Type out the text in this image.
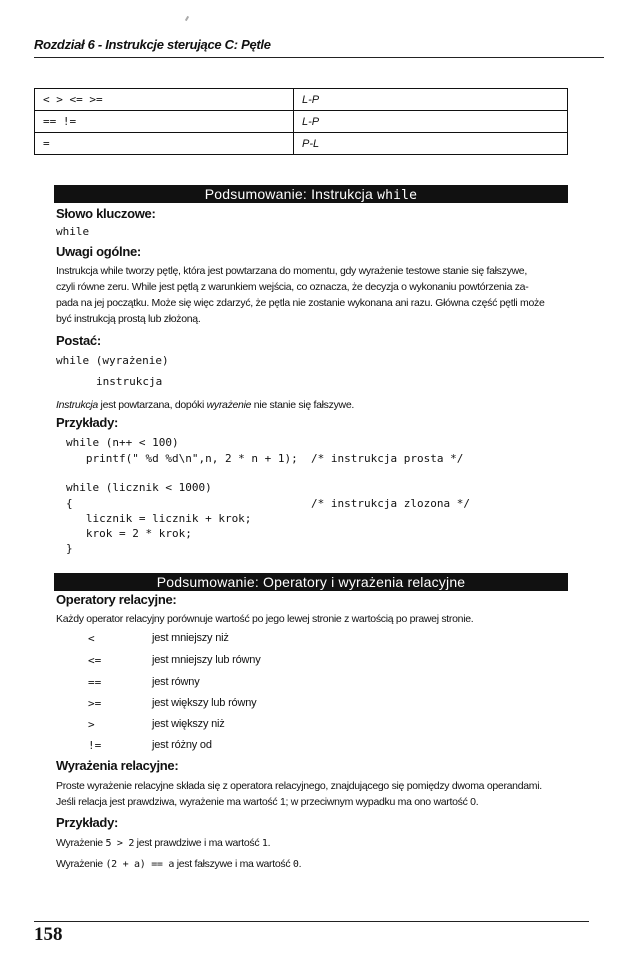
Rozdział 6 - Instrukcje sterujące C: Pętle
< > <= >=	L-P
== !=	L-P
=	P-L
Podsumowanie: Instrukcja while
Słowo kluczowe:
while
Uwagi ogólne:
Instrukcja while tworzy pętlę, która jest powtarzana do momentu, gdy wyrażenie testowe stanie się fałszywe,
czyli równe zeru. While jest pętlą z warunkiem wejścia, co oznacza, że decyzja o wykonaniu powtórzenia za-
pada na jej początku. Może się więc zdarzyć, że pętla nie zostanie wykonana ani razu. Główna część pętli może
być instrukcją prostą lub złożoną.
Postać:
while (wyrażenie)
instrukcja
Instrukcja jest powtarzana, dopóki wyrażenie nie stanie się fałszywe.
Przykłady:
while (n++ < 100)
printf(" %d %d\n",n, 2 * n + 1);  /* instrukcja prosta */
while (licznik < 1000)
{                                    /* instrukcja zlozona */
licznik = licznik + krok;
krok = 2 * krok;
}
Podsumowanie: Operatory i wyrażenia relacyjne
Operatory relacyjne:
Każdy operator relacyjny porównuje wartość po jego lewej stronie z wartością po prawej stronie.
<	jest mniejszy niż
<=	jest mniejszy lub równy
==	jest równy
>=	jest większy lub równy
>	jest większy niż
!=	jest różny od
Wyrażenia relacyjne:
Proste wyrażenie relacyjne składa się z operatora relacyjnego, znajdującego się pomiędzy dwoma operandami.
Jeśli relacja jest prawdziwa, wyrażenie ma wartość 1; w przeciwnym wypadku ma ono wartość 0.
Przykłady:
Wyrażenie 5 > 2 jest prawdziwe i ma wartość 1.
Wyrażenie (2 + a) == a jest fałszywe i ma wartość 0.
158
